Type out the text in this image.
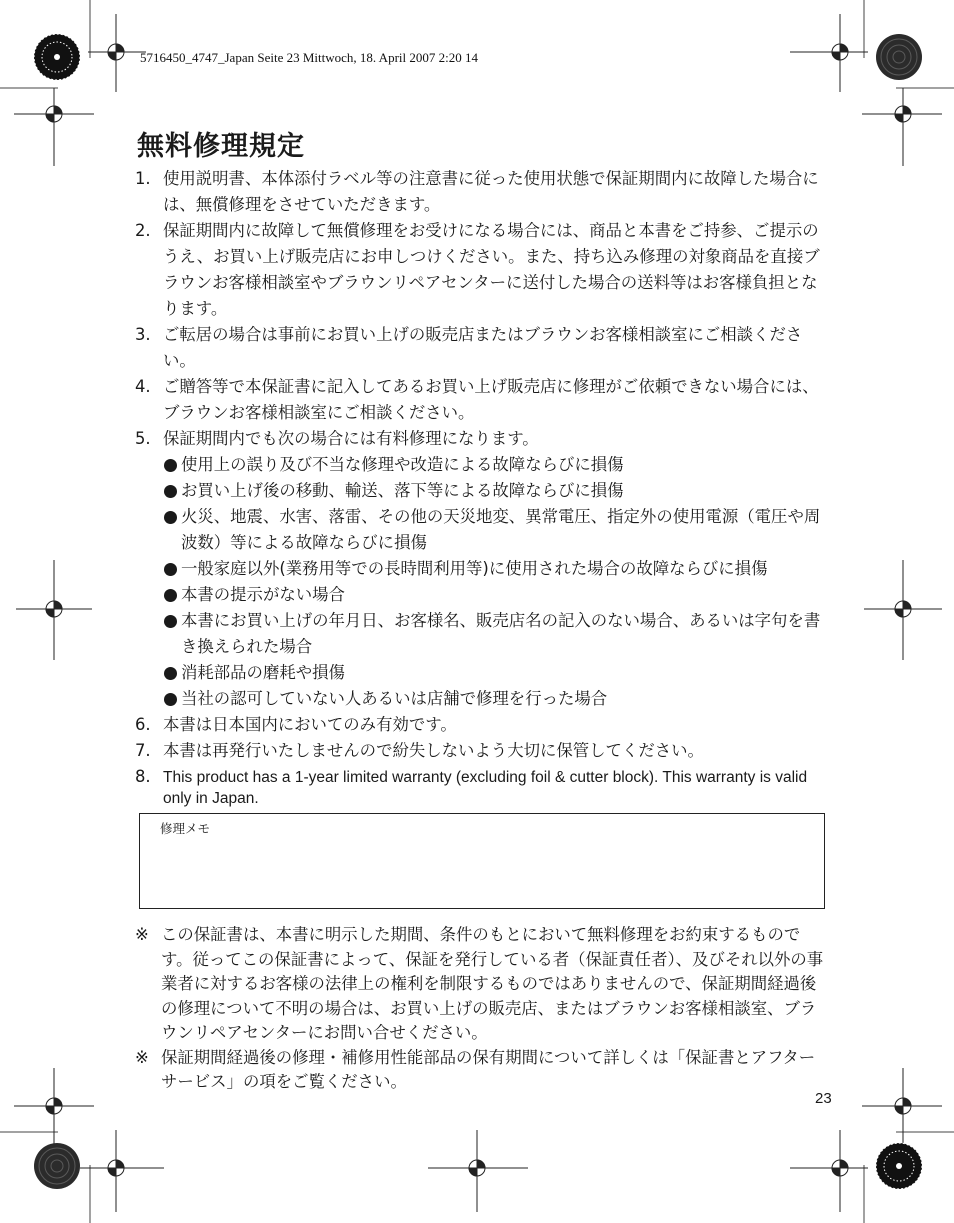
5716450_4747_Japan Seite 23 Mittwoch, 18. April 2007 2:20 14
無料修理規定
1. 使用説明書、本体添付ラベル等の注意書に従った使用状態で保証期間内に故障した場合には、無償修理をさせていただきます。
2. 保証期間内に故障して無償修理をお受けになる場合には、商品と本書をご持参、ご提示のうえ、お買い上げ販売店にお申しつけください。また、持ち込み修理の対象商品を直接ブラウンお客様相談室やブラウンリペアセンターに送付した場合の送料等はお客様負担となります。
3. ご転居の場合は事前にお買い上げの販売店またはブラウンお客様相談室にご相談ください。
4. ご贈答等で本保証書に記入してあるお買い上げ販売店に修理がご依頼できない場合には、ブラウンお客様相談室にご相談ください。
5. 保証期間内でも次の場合には有料修理になります。
使用上の誤り及び不当な修理や改造による故障ならびに損傷
お買い上げ後の移動、輸送、落下等による故障ならびに損傷
火災、地震、水害、落雷、その他の天災地変、異常電圧、指定外の使用電源（電圧や周波数）等による故障ならびに損傷
一般家庭以外(業務用等での長時間利用等)に使用された場合の故障ならびに損傷
本書の提示がない場合
本書にお買い上げの年月日、お客様名、販売店名の記入のない場合、あるいは字句を書き換えられた場合
消耗部品の磨耗や損傷
当社の認可していない人あるいは店舗で修理を行った場合
6. 本書は日本国内においてのみ有効です。
7. 本書は再発行いたしませんので紛失しないよう大切に保管してください。
8. This product has a 1-year limited warranty (excluding foil & cutter block). This warranty is valid only in Japan.
修理メモ
※ この保証書は、本書に明示した期間、条件のもとにおいて無料修理をお約束するものです。従ってこの保証書によって、保証を発行している者（保証責任者）、及びそれ以外の事業者に対するお客様の法律上の権利を制限するものではありませんので、保証期間経過後の修理について不明の場合は、お買い上げの販売店、またはブラウンお客様相談室、ブラウンリペアセンターにお問い合せください。
※ 保証期間経過後の修理・補修用性能部品の保有期間について詳しくは「保証書とアフターサービス」の項をご覧ください。
23
